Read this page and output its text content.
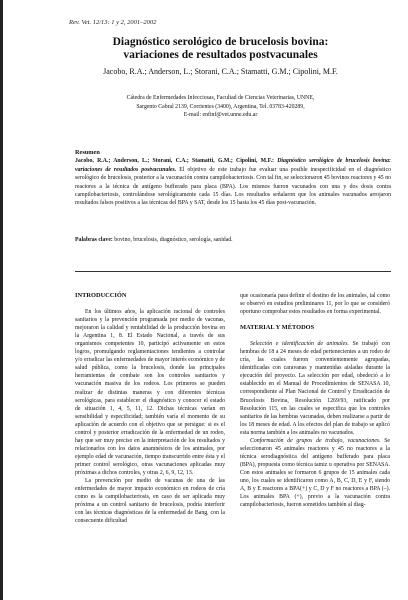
Rev. Vet. 12/13: 1 y 2, 2001–2002
Diagnóstico serológico de brucelosis bovina:
variaciones de resultados postvacunales
Jacobo, R.A.; Anderson, L.; Storani, C.A.; Stamatti, G.M.; Cipolini, M.F.
Cátedra de Enfermedades Infecciosas, Facultad de Ciencias Veterinarias, UNNE,
Sargento Cabral 2139, Corrientes (3400), Argentina, Tel. 03783-420289,
E-mail: enfinf@vet.unne.edu.ar
Resumen
Jacobo, R.A.; Anderson, L.; Storani, C.A.; Stamatti, G.M.; Cipolini, M.F.: Diagnóstico serológico de brucelosis bovina: variaciones de resultados postvacunales. El objetivo de este trabajo fue evaluar una posible inespecificidad en el diagnóstico serológico de brucelosis, posterior a la vacunación contra campilobacteriosis. Con tal fin, se seleccionaron 45 bovinos reactores y 45 no reactores a la técnica de antígeno bufferado para placa (BPA). Los mismos fueron vacunados con una y dos dosis contra campilobacteriosis, controlándose serológicamente cada 15 días. Los resultados señalaron que los animales vacunados arrojaron resultados falsos positivos a las técnicas del BPA y SAT, desde los 15 hasta los 45 días post-vacunación.
Palabras clave: bovino, brucelosis, diagnóstico, serología, sanidad.

INTRODUCCIÓN

En los últimos años, la aplicación racional de controles sanitarios y la prevención programada por medio de vacunas, mejoraron la calidad y rentabilidad de la producción bovina en la Argentina 1, 8. El Estado Nacional, a través de sus organismos competentes 10, participó activamente en estos logros, promulgando reglamentaciones tendientes a controlar y/o erradicar las enfermedades de mayor interés económico y de salud pública, como la brucelosis, donde las principales herramientas de combate son los controles sanitarios y vacunación masiva de los rodeos. Los primeros se pueden realizar de distintas maneras y con diferentes técnicas serológicas, para establecer el diagnóstico y conocer el estado de situación 1, 4, 5, 11, 12. Dichas técnicas varían en sensibilidad y especificidad; también varía el momento de su aplicación de acuerdo con el objetivo que se persigue: si es el control y posterior erradicación de la enfermedad de un rodeo, hay que ser muy preciso en la interpretación de los resultados y relacionarlos con los datos anamnésicos de los animales, por ejemplo edad de vacunación, tiempo transcurrido entre ésta y el primer control serológico, otras vacunaciones aplicadas muy próximas a dichos controles, y otras 2, 6, 9, 12, 13.

La prevención por medio de vacunas de una de las enfermedades de mayor impacto económico en rodeos de cría como es la campilobacteriosis, en caso de ser aplicada muy próxima a un control sanitario de brucelosis, podría interferir con las técnicas diagnósticas de la enfermedad de Bang, con la consecuente dificultad

que ocasionaría para definir el destino de los animales, tal como se observó en estudios preliminares 11, por lo que se consideró oportuno comprobar estos resultados en forma experimental.

MATERIAL Y MÉTODOS

Selección e identificación de animales. Se trabajó con hembras de 18 a 24 meses de edad pertenecientes a un rodeo de cría, las cuales fueron convenientemente agrupadas, identificadas con caravanas y mantenidas aisladas durante la ejecución del proyecto. La selección por edad, obedeció a lo establecido en el Manual de Procedimientos de SENASA 10, correspondiente al Plan Nacional de Control y Erradicación de Brucelosis Bovina, Resolución 1269/93, ratificado por Resolución 115, en las cuales se especifica que los controles sanitarios de las hembras vacunadas, deben realizarse a partir de los 18 meses de edad. A los efectos del plan de trabajo se aplicó esta norma también a los animales no vacunados.

Conformación de grupos de trabajo, vacunaciones. Se seleccionaron 45 animales reactores y 45 no reactores a la técnica serodiagnóstica del antígeno bufferado para placa (BPA), propuesta como técnica tamiz u operativa por SENASA. Con estos animales se formaron 6 grupos de 15 animales cada uno, los cuales se identificaron como A, B, C, D, E y F, siendo A, B y E reactores a BPA(+) y C, D y F no reactores a BPA (–). Los animales BPA (+), previo a la vacunación contra campilobacteriosis, fueron sometidos también al diag-
